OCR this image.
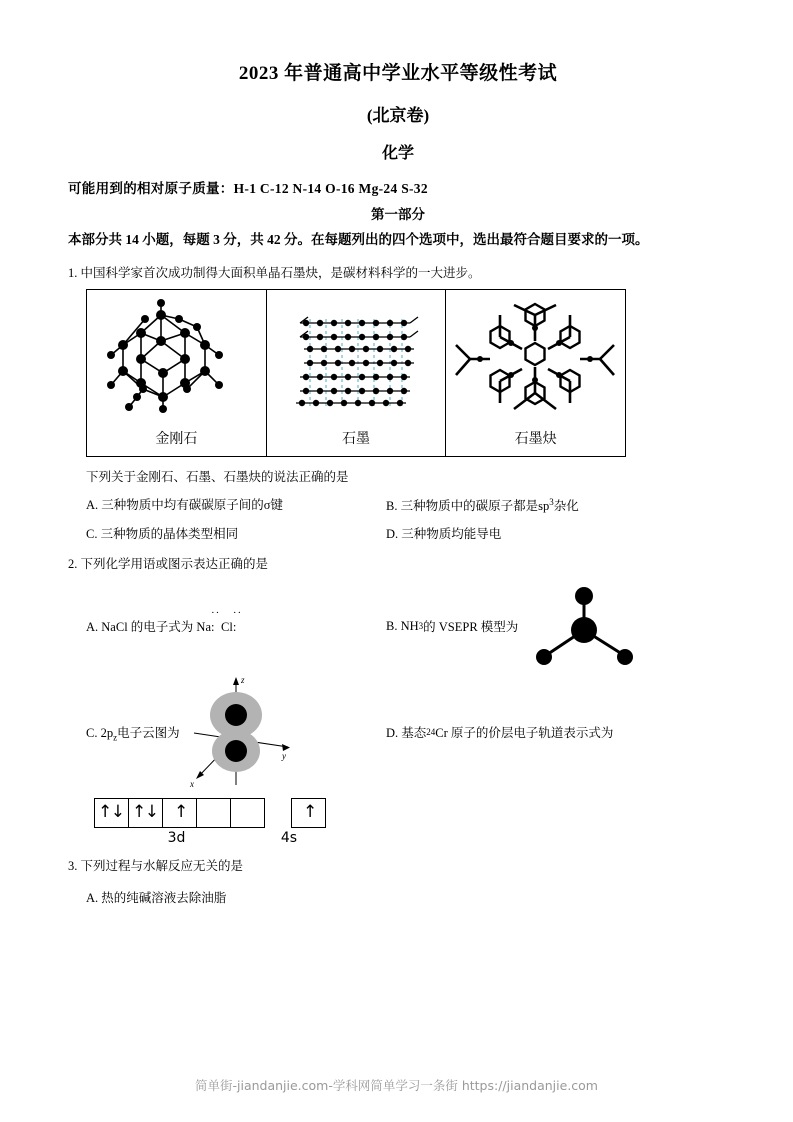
2023 年普通高中学业水平等级性考试
(北京卷)
化学
可能用到的相对原子质量：H-1 C-12 N-14 O-16 Mg-24 S-32
第一部分
本部分共 14 小题，每题 3 分，共 42 分。在每题列出的四个选项中，选出最符合题目要求的一项。
1. 中国科学家首次成功制得大面积单晶石墨炔，是碳材料科学的一大进步。
金刚石	石墨	石墨炔
下列关于金刚石、石墨、石墨炔的说法正确的是
A. 三种物质中均有碳碳原子间的σ键	B. 三种物质中的碳原子都是$sp^3$杂化
C. 三种物质的晶体类型相同	D. 三种物质均能导电
2. 下列化学用语或图示表达正确的是
A. NaCl 的电子式为 Na·· : Cl·· :	B. NH 3 的 VSEPR 模型为
C. $2p_z$电子云图为
z
y
x
D. 基态 24 Cr 原子的价层电子轨道表示式为
↑
↓ ↑
↓ ↑	↑
3d	4s
3. 下列过程与水解反应无关的是
A. 热的纯碱溶液去除油脂
简单街-jiandanjie.com-学科网简单学习一条街 https://jiandanjie.com
